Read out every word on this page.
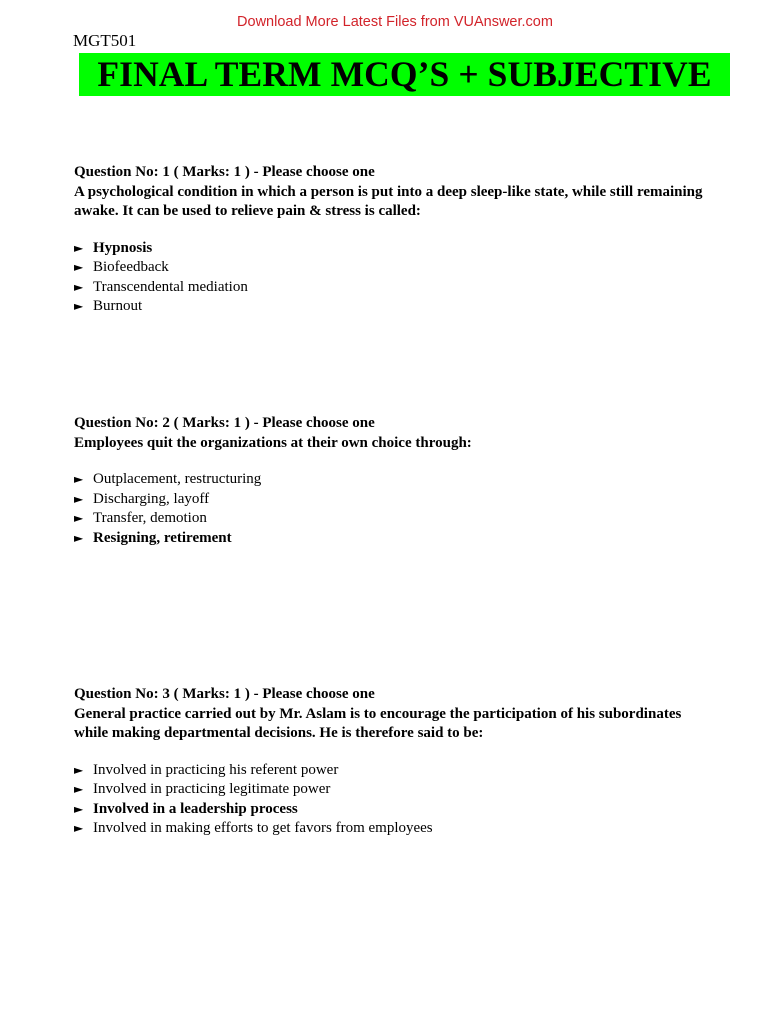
Download More Latest Files from VUAnswer.com
MGT501
FINAL TERM MCQ’S + SUBJECTIVE
Question No: 1 ( Marks: 1 ) - Please choose one
A psychological condition in which a person is put into a deep sleep-like state, while still remaining awake. It can be used to relieve pain & stress is called:
► Hypnosis
► Biofeedback
► Transcendental mediation
► Burnout
Question No: 2 ( Marks: 1 ) - Please choose one
Employees quit the organizations at their own choice through:
► Outplacement, restructuring
► Discharging, layoff
► Transfer, demotion
► Resigning, retirement
Question No: 3 ( Marks: 1 ) - Please choose one
General practice carried out by Mr. Aslam is to encourage the participation of his subordinates while making departmental decisions. He is therefore said to be:
► Involved in practicing his referent power
► Involved in practicing legitimate power
► Involved in a leadership process
► Involved in making efforts to get favors from employees
